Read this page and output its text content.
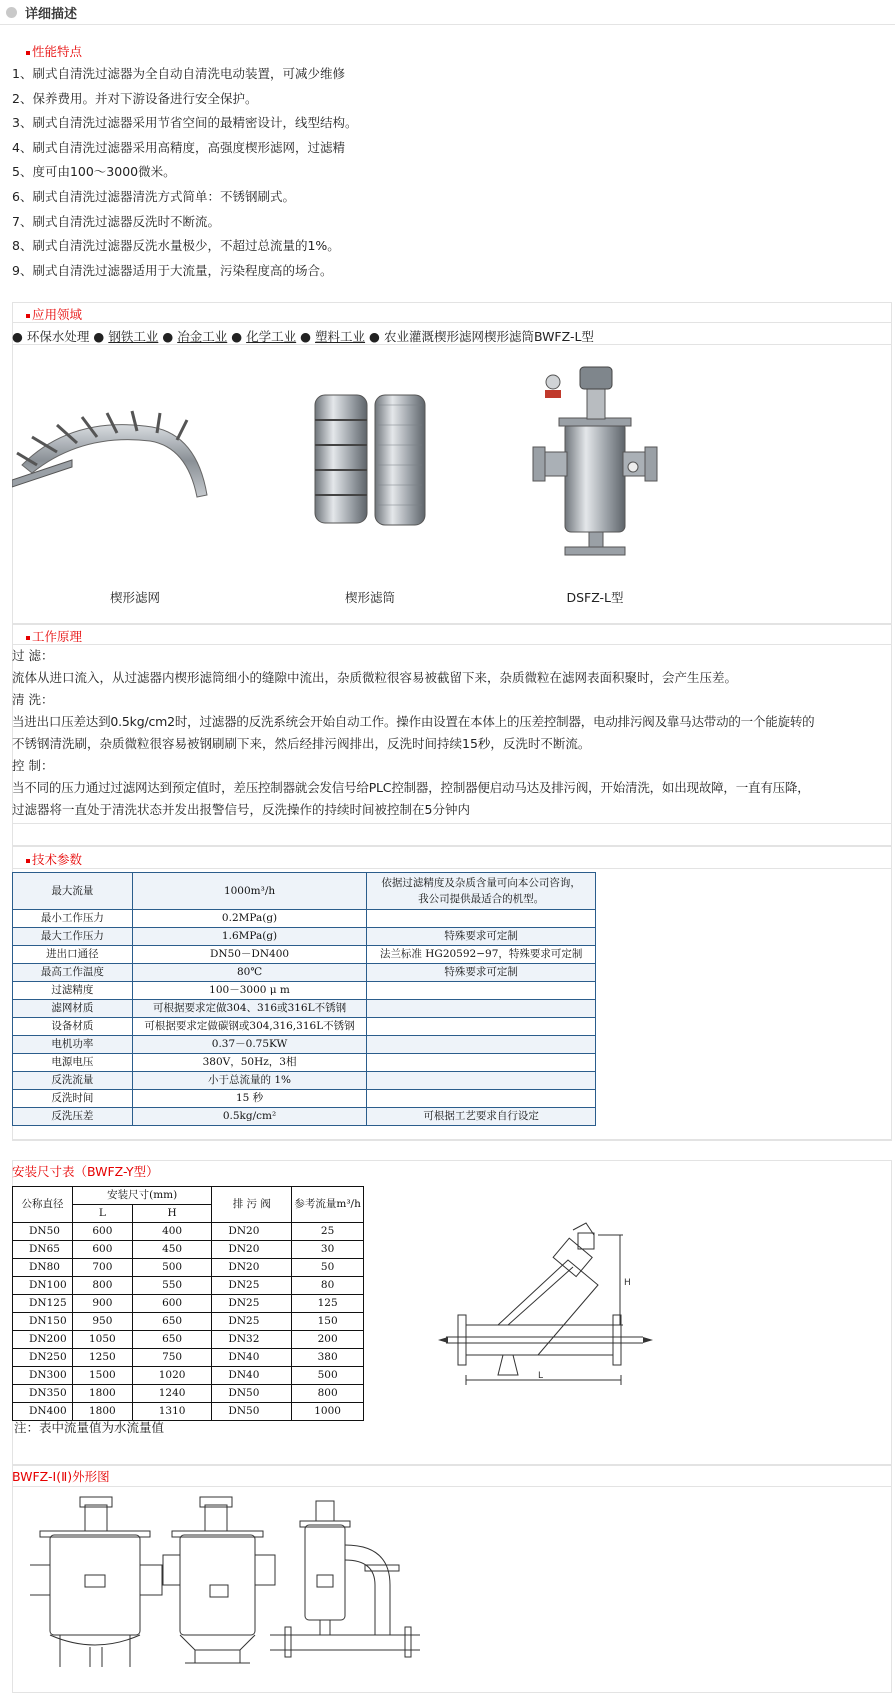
详细描述
性能特点
1、刷式自清洗过滤器为全自动自清洗电动装置，可减少维修
2、保养费用。并对下游设备进行安全保护。
3、刷式自清洗过滤器采用节省空间的最精密设计，线型结构。
4、刷式自清洗过滤器采用高精度，高强度楔形滤网，过滤精
5、度可由100～3000微米。
6、刷式自清洗过滤器清洗方式简单：不锈钢刷式。
7、刷式自清洗过滤器反洗时不断流。
8、刷式自清洗过滤器反洗水量极少，不超过总流量的1%。
9、刷式自清洗过滤器适用于大流量，污染程度高的场合。
应用领域
● 环保水处理 ● 钢铁工业 ● 冶金工业 ● 化学工业 ● 塑料工业 ● 农业灌溉楔形滤网楔形滤筒BWFZ-L型
楔形滤网	楔形滤筒	DSFZ-L型
工作原理
过 滤：
流体从进口流入，从过滤器内楔形滤筒细小的缝隙中流出，杂质微粒很容易被截留下来，杂质微粒在滤网表面积聚时，会产生压差。
清 洗：
当进出口压差达到0.5kg/cm2时，过滤器的反洗系统会开始自动工作。操作由设置在本体上的压差控制器，电动排污阀及靠马达带动的一个能旋转的
不锈钢清洗刷，杂质微粒很容易被钢刷刷下来，然后经排污阀排出，反洗时间持续15秒，反洗时不断流。
控 制：
当不同的压力通过过滤网达到预定值时，差压控制器就会发信号给PLC控制器，控制器便启动马达及排污阀，开始清洗，如出现故障，一直有压降，
过滤器将一直处于清洗状态并发出报警信号，反洗操作的持续时间被控制在5分钟内
技术参数
最大流量	1000m³/h	依据过滤精度及杂质含量可向本公司咨询，我公司提供最适合的机型。
最小工作压力	0.2MPa(g)	
最大工作压力	1.6MPa(g)	特殊要求可定制
进出口通径	DN50－DN400	法兰标准 HG20592−97，特殊要求可定制
最高工作温度	80℃	特殊要求可定制
过滤精度	100－3000 μ m	
滤网材质	可根据要求定做304、316或316L不锈钢	
设备材质	可根据要求定做碳钢或304,316,316L不锈钢	
电机功率	0.37－0.75KW	
电源电压	380V，50Hz，3相	
反洗流量	小于总流量的 1%	
反洗时间	15 秒	
反洗压差	0.5kg/cm²	可根据工艺要求自行设定
安装尺寸表（BWFZ-Y型）
公称直径	安装尺寸(mm)		排 污 阀	参考流量m³/h
	L	H		
DN50	600	400	DN20	25
DN65	600	450	DN20	30
DN80	700	500	DN20	50
DN100	800	550	DN25	80
DN125	900	600	DN25	125
DN150	950	650	DN25	150
DN200	1050	650	DN32	200
DN250	1250	750	DN40	380
DN300	1500	1020	DN40	500
DN350	1800	1240	DN50	800
DN400	1800	1310	DN50	1000
H
L
注：表中流量值为水流量值
BWFZ-Ⅰ(Ⅱ)外形图
